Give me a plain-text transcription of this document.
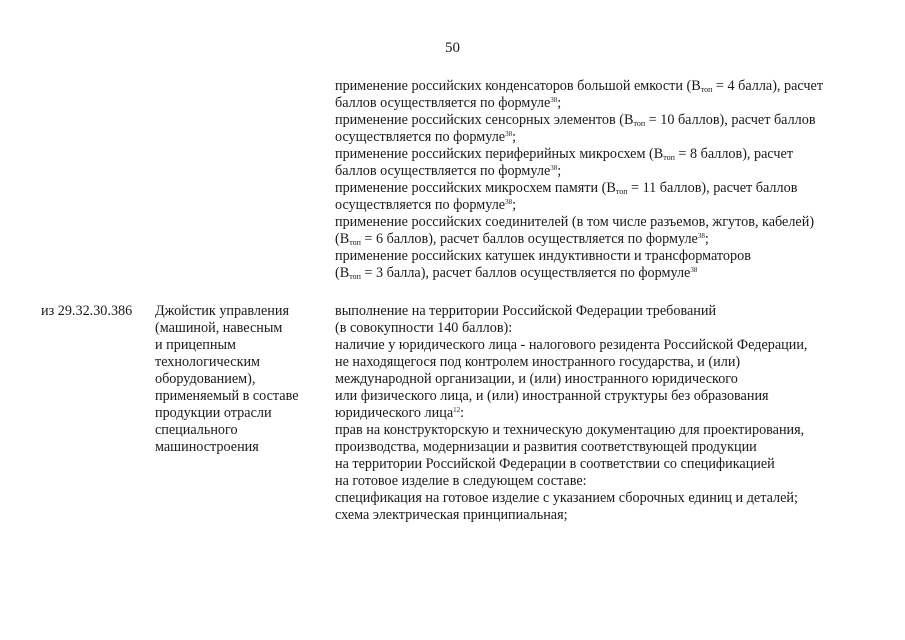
50
применение российских конденсаторов большой емкости ($В_{топ} = 4$ балла), расчет
баллов осуществляется по формуле$^{38}$;
применение российских сенсорных элементов ($В_{топ} = 10$ баллов), расчет баллов
осуществляется по формуле$^{38}$;
применение российских периферийных микросхем ($В_{топ} = 8$ баллов), расчет
баллов осуществляется по формуле$^{38}$;
применение российских микросхем памяти ($В_{топ} = 11$ баллов), расчет баллов
осуществляется по формуле$^{38}$;
применение российских соединителей (в том числе разъемов, жгутов, кабелей)
($В_{топ} = 6$ баллов), расчет баллов осуществляется по формуле$^{38}$;
применение российских катушек индуктивности и трансформаторов
($В_{топ} = 3$ балла), расчет баллов осуществляется по формуле$^{38}$
из 29.32.30.386 Джойстик управления
(машиной, навесным
и прицепным
технологическим
оборудованием),
применяемый в составе
продукции отрасли
специального
машиностроения
выполнение на территории Российской Федерации требований
(в совокупности 140 баллов):
наличие у юридического лица - налогового резидента Российской Федерации,
не находящегося под контролем иностранного государства, и (или)
международной организации, и (или) иностранного юридического
или физического лица, и (или) иностранной структуры без образования
юридического лица$^{12}$:
прав на конструкторскую и техническую документацию для проектирования,
производства, модернизации и развития соответствующей продукции
на территории Российской Федерации в соответствии со спецификацией
на готовое изделие в следующем составе:
спецификация на готовое изделие с указанием сборочных единиц и деталей;
схема электрическая принципиальная;
